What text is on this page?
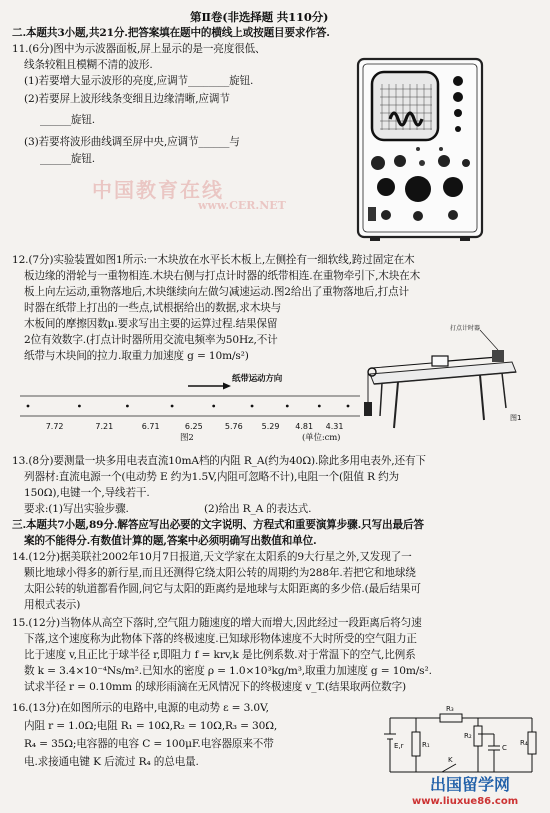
第Ⅱ卷(非选择题 共110分)
二.本题共3小题,共21分.把答案填在题中的横线上或按题目要求作答.
11.(6分)图中为示波器面板,屏上显示的是一亮度很低、
线条较粗且模糊不清的波形.
(1)若要增大显示波形的亮度,应调节________旋钮.
(2)若要屏上波形线条变细且边缘清晰,应调节
______旋钮.
(3)若要将波形曲线调至屏中央,应调节______与
______旋钮.
中国教育在线
www.CER.NET
12.(7分)实验装置如图1所示:一木块放在水平长木板上,左侧拴有一细软线,跨过固定在木
板边缘的滑轮与一重物相连.木块右侧与打点计时器的纸带相连.在重物牵引下,木块在木
板上向左运动,重物落地后,木块继续向左做匀减速运动.图2给出了重物落地后,打点计
时器在纸带上打出的一些点,试根据给出的数据,求木块与
木板间的摩擦因数μ.要求写出主要的运算过程.结果保留
2位有效数字.(打点计时器所用交流电频率为50Hz,不计
纸带与木块间的拉力.取重力加速度 g = 10m/s²)
纸带运动方向
7.72	7.21	6.71	6.25	5.76 5.29 4.81 4.31
图2	(单位:cm)
图1
打点计时器
13.(8分)要测量一块多用电表直流10mA档的内阻 R_A(约为40Ω).除此多用电表外,还有下
列器材:直流电源一个(电动势 E 约为1.5V,内阻可忽略不计),电阻一个(阻值 R 约为
150Ω),电键一个,导线若干.
要求:(1)写出实验步骤.	(2)给出 R_A 的表达式.
三.本题共7小题,89分.解答应写出必要的文字说明、方程式和重要演算步骤.只写出最后答
案的不能得分.有数值计算的题,答案中必须明确写出数值和单位.
14.(12分)据美联社2002年10月7日报道,天文学家在太阳系的9大行星之外,又发现了一
颗比地球小得多的新行星,而且还测得它绕太阳公转的周期约为288年.若把它和地球绕
太阳公转的轨道都看作圆,问它与太阳的距离约是地球与太阳距离的多少倍.(最后结果可
用根式表示)
15.(12分)当物体从高空下落时,空气阻力随速度的增大而增大,因此经过一段距离后将匀速
下落,这个速度称为此物体下落的终极速度.已知球形物体速度不大时所受的空气阻力正
比于速度 v,且正比于球半径 r,即阻力 f = krv,k 是比例系数.对于常温下的空气,比例系
数 k = 3.4×10⁻⁴Ns/m².已知水的密度 ρ = 1.0×10³kg/m³,取重力加速度 g = 10m/s².
试求半径 r = 0.10mm 的球形雨滴在无风情况下的终极速度 v_T.(结果取两位数字)
16.(13分)在如图所示的电路中,电源的电动势 ε = 3.0V,
内阻 r = 1.0Ω;电阻 R₁ = 10Ω,R₂ = 10Ω,R₃ = 30Ω,
R₄ = 35Ω;电容器的电容 C = 100μF.电容器原来不带
电.求接通电键 K 后流过 R₄ 的总电量.
R₃
R₁
R₂
R₄
C
E,r
K
出国留学网
www.liuxue86.com
